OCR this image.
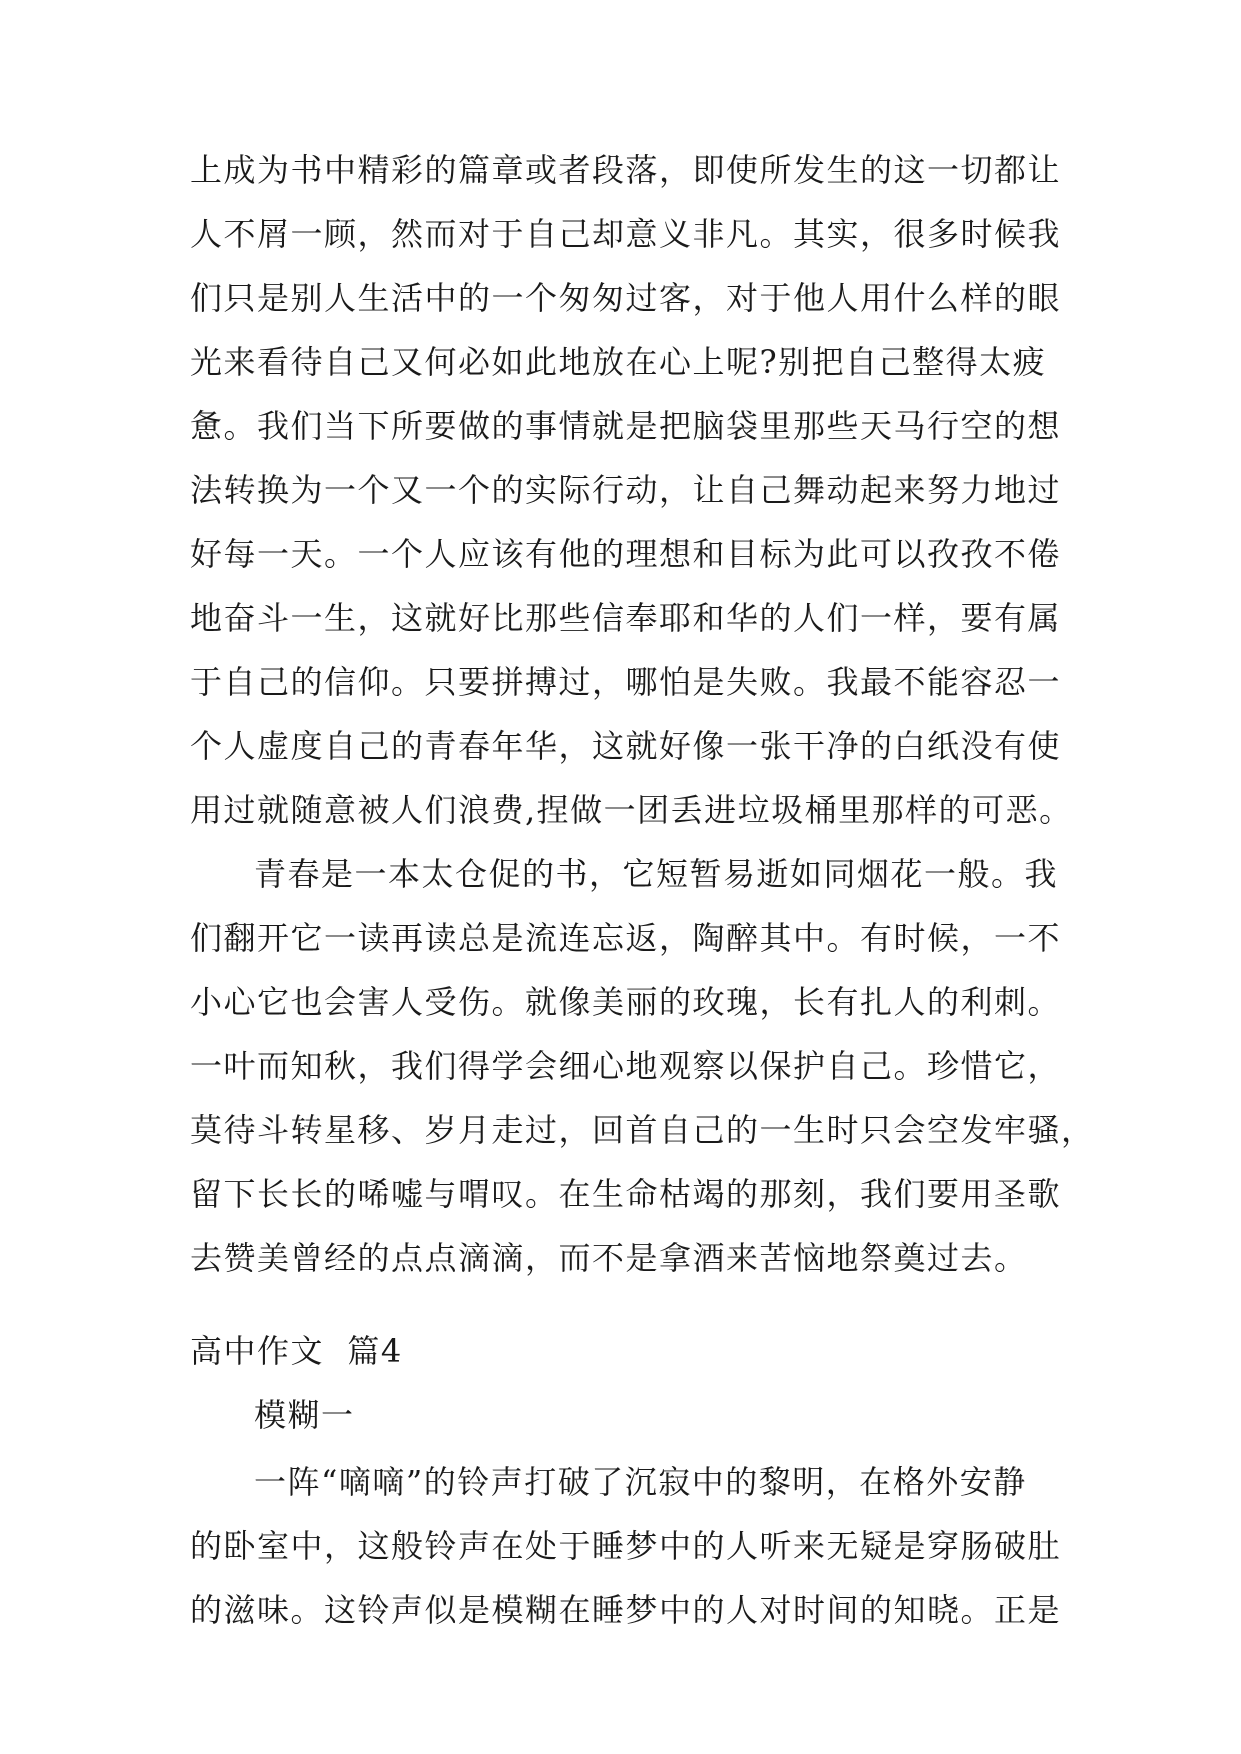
上成为书中精彩的篇章或者段落，即使所发生的这一切都让
人不屑一顾，然而对于自己却意义非凡。其实，很多时候我
们只是别人生活中的一个匆匆过客，对于他人用什么样的眼
光来看待自己又何必如此地放在心上呢?别把自己整得太疲
惫。我们当下所要做的事情就是把脑袋里那些天马行空的想
法转换为一个又一个的实际行动，让自己舞动起来努力地过
好每一天。一个人应该有他的理想和目标为此可以孜孜不倦
地奋斗一生，这就好比那些信奉耶和华的人们一样，要有属
于自己的信仰。只要拼搏过，哪怕是失败。我最不能容忍一
个人虚度自己的青春年华，这就好像一张干净的白纸没有使
用过就随意被人们浪费,捏做一团丢进垃圾桶里那样的可恶。
青春是一本太仓促的书，它短暂易逝如同烟花一般。我
们翻开它一读再读总是流连忘返，陶醉其中。有时候，一不
小心它也会害人受伤。就像美丽的玫瑰，长有扎人的利刺。
一叶而知秋，我们得学会细心地观察以保护自己。珍惜它，
莫待斗转星移、岁月走过，回首自己的一生时只会空发牢骚，
留下长长的唏嘘与喟叹。在生命枯竭的那刻，我们要用圣歌
去赞美曾经的点点滴滴，而不是拿酒来苦恼地祭奠过去。
高中作文  篇4
模糊一
一阵“嘀嘀”的铃声打破了沉寂中的黎明，在格外安静
的卧室中，这般铃声在处于睡梦中的人听来无疑是穿肠破肚
的滋味。这铃声似是模糊在睡梦中的人对时间的知晓。正是
